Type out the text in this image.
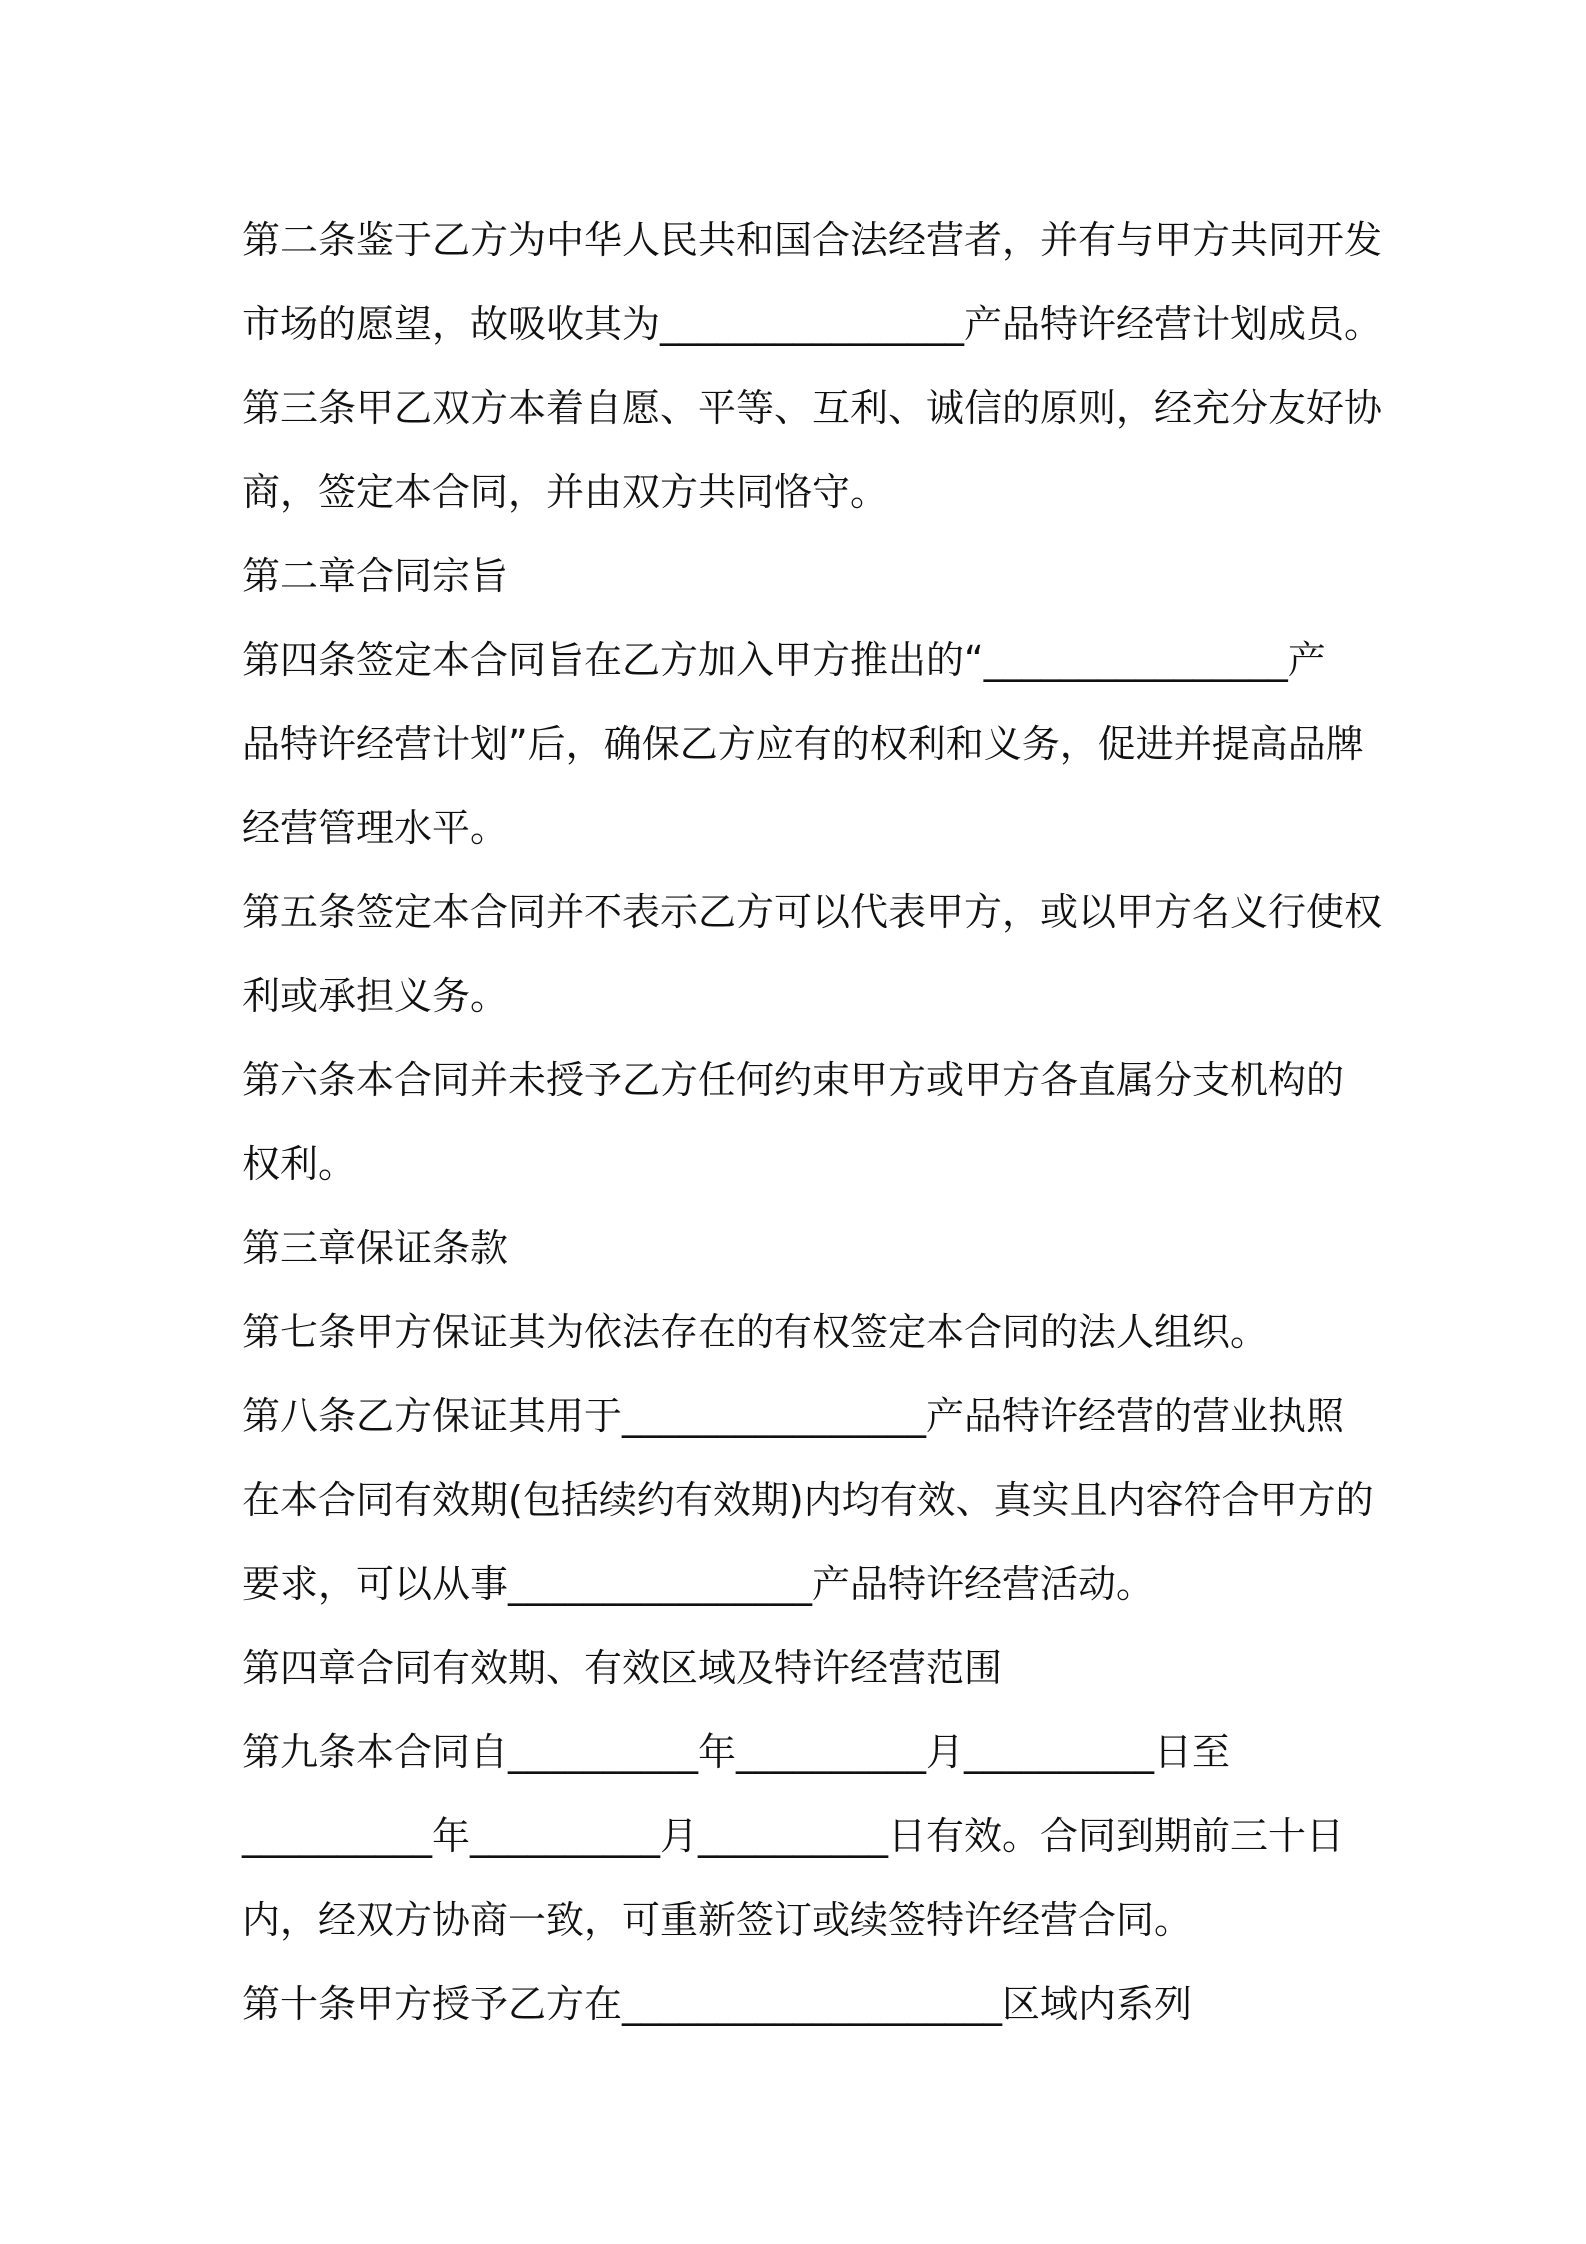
第二条鉴于乙方为中华人民共和国合法经营者，并有与甲方共同开发
市场的愿望，故吸收其为________________产品特许经营计划成员。
第三条甲乙双方本着自愿、平等、互利、诚信的原则，经充分友好协
商，签定本合同，并由双方共同恪守。
第二章合同宗旨
第四条签定本合同旨在乙方加入甲方推出的“________________产
品特许经营计划”后，确保乙方应有的权利和义务，促进并提高品牌
经营管理水平。
第五条签定本合同并不表示乙方可以代表甲方，或以甲方名义行使权
利或承担义务。
第六条本合同并未授予乙方任何约束甲方或甲方各直属分支机构的
权利。
第三章保证条款
第七条甲方保证其为依法存在的有权签定本合同的法人组织。
第八条乙方保证其用于________________产品特许经营的营业执照
在本合同有效期(包括续约有效期)内均有效、真实且内容符合甲方的
要求，可以从事________________产品特许经营活动。
第四章合同有效期、有效区域及特许经营范围
第九条本合同自__________年__________月__________日至
__________年__________月__________日有效。合同到期前三十日
内，经双方协商一致，可重新签订或续签特许经营合同。
第十条甲方授予乙方在____________________区域内系列
